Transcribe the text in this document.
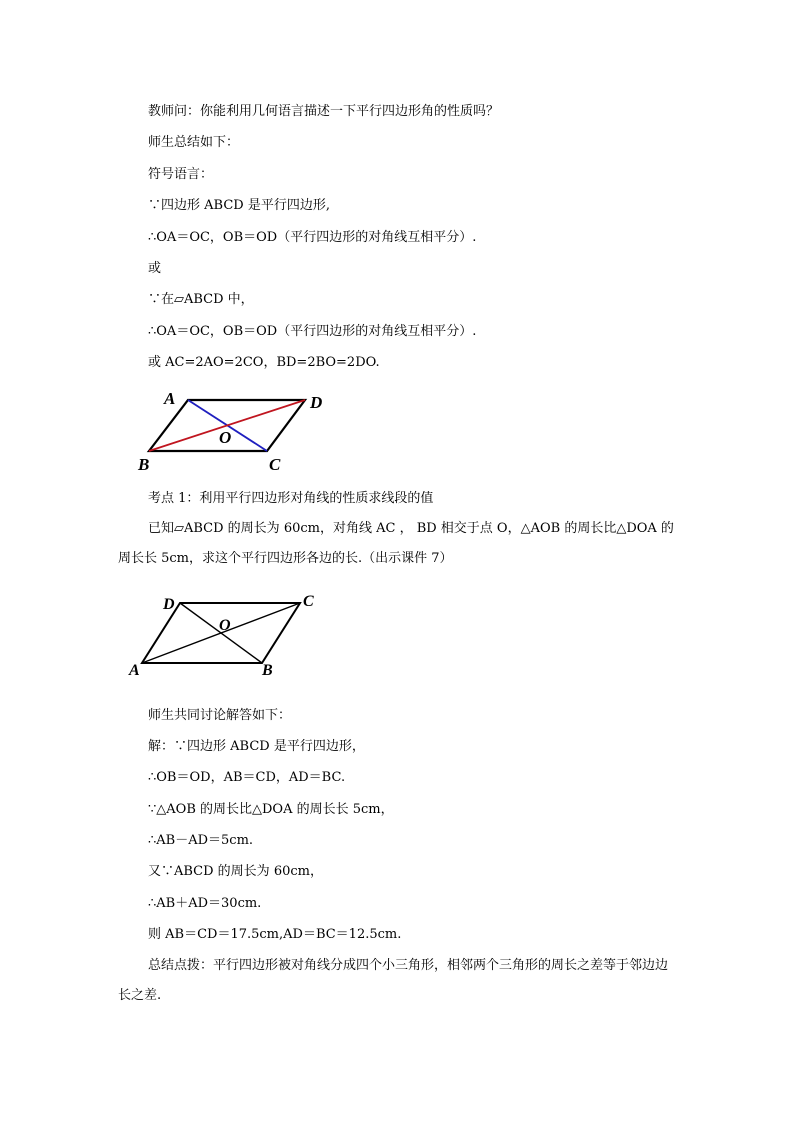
教师问：你能利用几何语言描述一下平行四边形角的性质吗？
师生总结如下：
符号语言：
∵四边形 ABCD 是平行四边形,
∴OA＝OC，OB＝OD（平行四边形的对角线互相平分）.
或
∵在▱ABCD 中，
∴OA＝OC，OB＝OD（平行四边形的对角线互相平分）.
或 AC=2AO=2CO，BD=2BO=2DO.
A	D
B	C
O
考点 1：利用平行四边形对角线的性质求线段的值
已知▱ABCD 的周长为 60cm，对角线 AC ， BD 相交于点 O，△AOB 的周长比△DOA 的周长长 5cm，求这个平行四边形各边的长.（出示课件 7）
D	C
A	B
O
师生共同讨论解答如下：
解：∵四边形 ABCD 是平行四边形，
∴OB＝OD，AB＝CD，AD＝BC.
∵△AOB 的周长比△DOA 的周长长 5cm，
∴AB－AD＝5cm.
又∵ABCD 的周长为 60cm，
∴AB＋AD＝30cm.
则 AB＝CD＝17.5cm,AD＝BC＝12.5cm.
总结点拨：平行四边形被对角线分成四个小三角形，相邻两个三角形的周长之差等于邻边边长之差.
